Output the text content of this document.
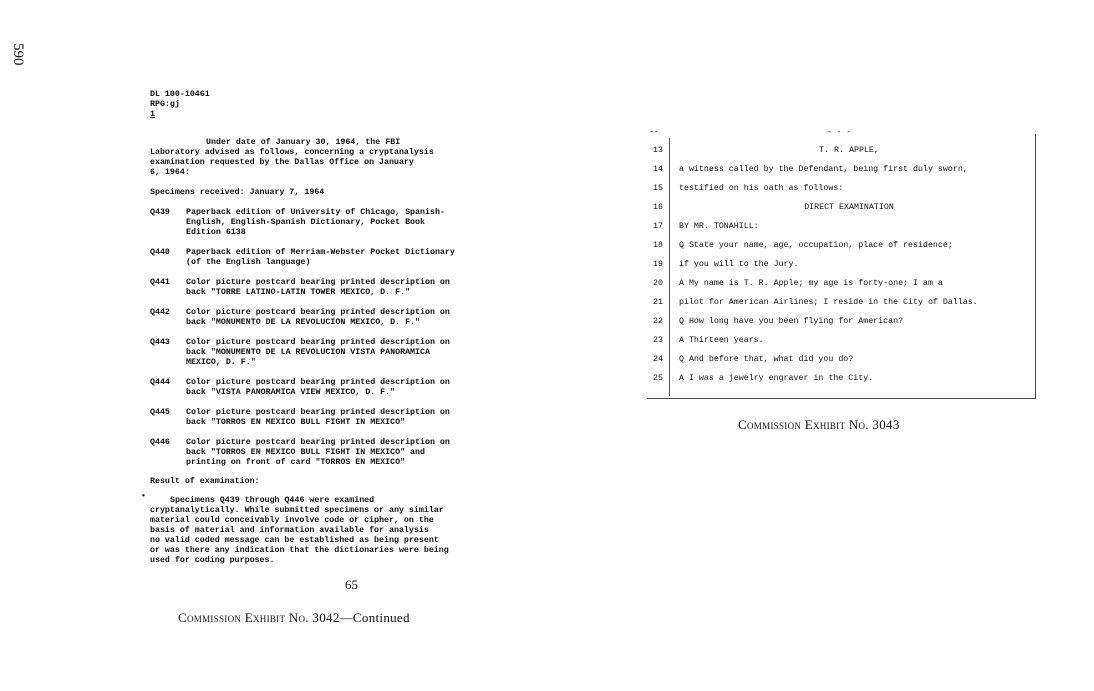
590
DL 100-10461
RPG:gj
1
Under date of January 30, 1964, the FBI
Laboratory advised as follows, concerning a cryptanalysis
examination requested by the Dallas Office on January
6, 1964:
Specimens received: January 7, 1964
Q439	Paperback edition of University of Chicago, Spanish-
English, English-Spanish Dictionary, Pocket Book
Edition 6138
Q440	Paperback edition of Merriam-Webster Pocket Dictionary
(of the English language)
Q441	Color picture postcard bearing printed description on
back "TORRE LATINO-LATIN TOWER MEXICO, D. F."
Q442	Color picture postcard bearing printed description on
back "MONUMENTO DE LA REVOLUCION MEXICO, D. F."
Q443	Color picture postcard bearing printed description on
back "MONUMENTO DE LA REVOLUCION VISTA PANORAMICA
MEXICO, D. F."
Q444	Color picture postcard bearing printed description on
back "VISTA PANORAMICA VIEW MEXICO, D. F."
Q445	Color picture postcard bearing printed description on
back "TORROS EN MEXICO BULL FIGHT IN MEXICO"
Q446	Color picture postcard bearing printed description on
back "TORROS EN MEXICO BULL FIGHT IN MEXICO" and
printing on front of card "TORROS EN MEXICO"
Result of examination:
•	Specimens Q439 through Q446 were examined
cryptanalytically. While submitted specimens or any similar
material could conceivably involve code or cipher, on the
basis of material and information available for analysis
no valid coded message can be established as being present
or was there any indication that the dictionaries were being
used for coding purposes.
65
Commission Exhibit No. 3042—Continued
--	- - -
13	T. R. APPLE,
14 a witness called by the Defendant, being first duly sworn,
15 testified on his oath as follows:
16	DIRECT EXAMINATION
17 BY MR. TONAHILL:
18 Q State your name, age, occupation, place of residence;
19 if you will to the Jury.
20 A My name is T. R. Apple; my age is forty-one; I am a
21 pilot for American Airlines; I reside in the City of Dallas.
22 Q How long have you been flying for American?
23 A Thirteen years.
24 Q And before that, what did you do?
25 A I was a jewelry engraver in the City.
Commission Exhibit No. 3043
